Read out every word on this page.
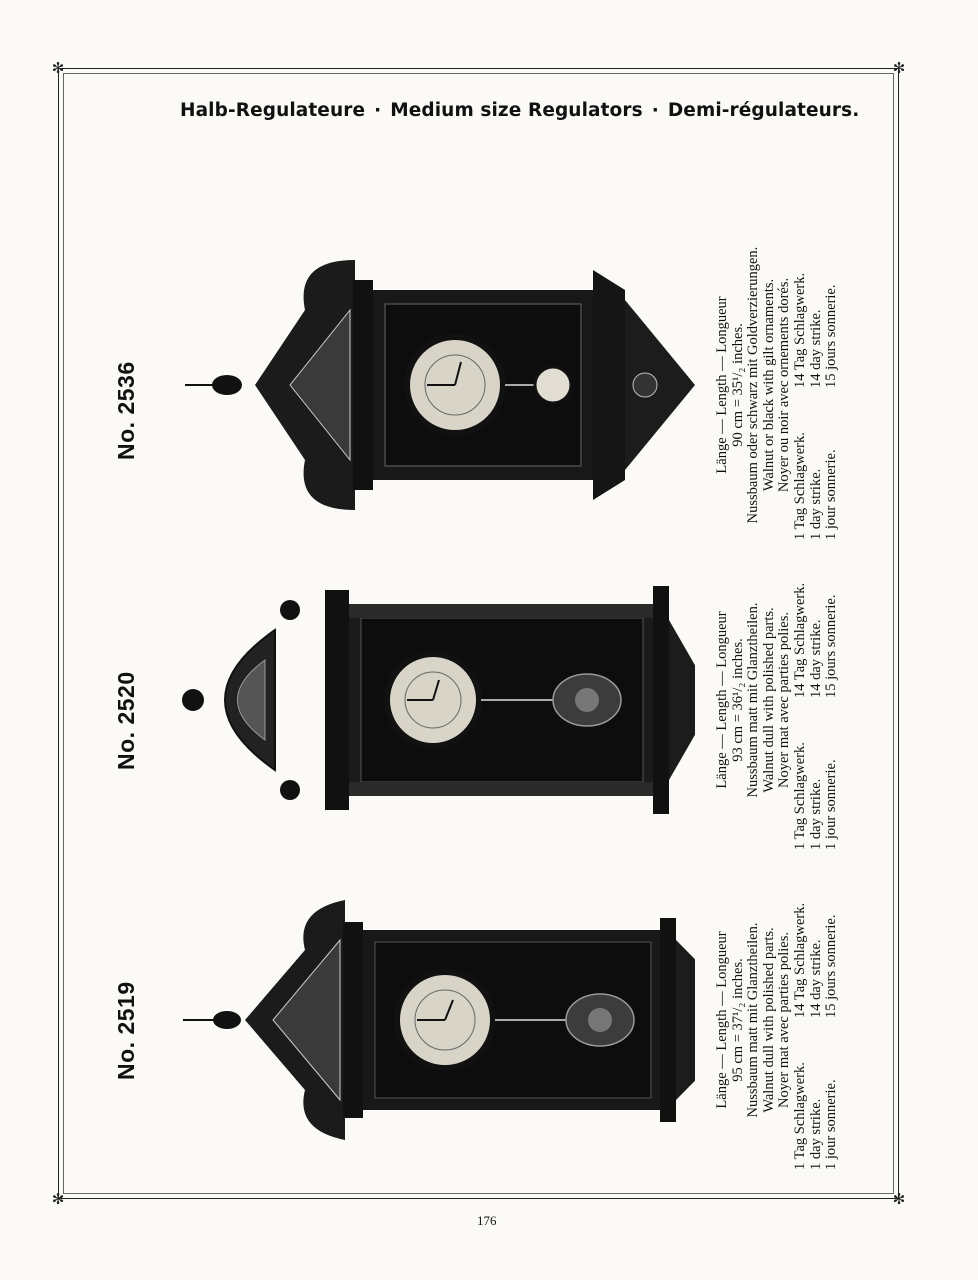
✻	✻
✻	✻
Halb-Regulateure · Medium size Regulators · Demi-régulateurs.
No. 2519	Länge — Length — Longueur 95 cm = 37¹/₂ inches. Nussbaum matt mit Glanztheilen. Walnut dull with polished parts. Noyer mat avec parties polies.
1 Tag Schlagwerk.	14 Tag Schlagwerk.
1 day strike.	14 day strike.
1 jour sonnerie.	15 jours sonnerie.
No. 2520	Länge — Length — Longueur 93 cm = 36¹/₂ inches. Nussbaum matt mit Glanztheilen. Walnut dull with polished parts. Noyer mat avec parties polies.
1 Tag Schlagwerk.	14 Tag Schlagwerk.
1 day strike.	14 day strike.
1 jour sonnerie.	15 jours sonnerie.
No. 2536	Länge — Length — Longueur 90 cm = 35¹/₂ inches. Nussbaum oder schwarz mit Goldverzierungen. Walnut or black with gilt ornaments. Noyer ou noir avec ornements dorés. 1 Tag Schlagwerk.	14 Tag Schlagwerk.
1 day strike.	14 day strike.
1 jour sonnerie.	15 jours sonnerie.
176
